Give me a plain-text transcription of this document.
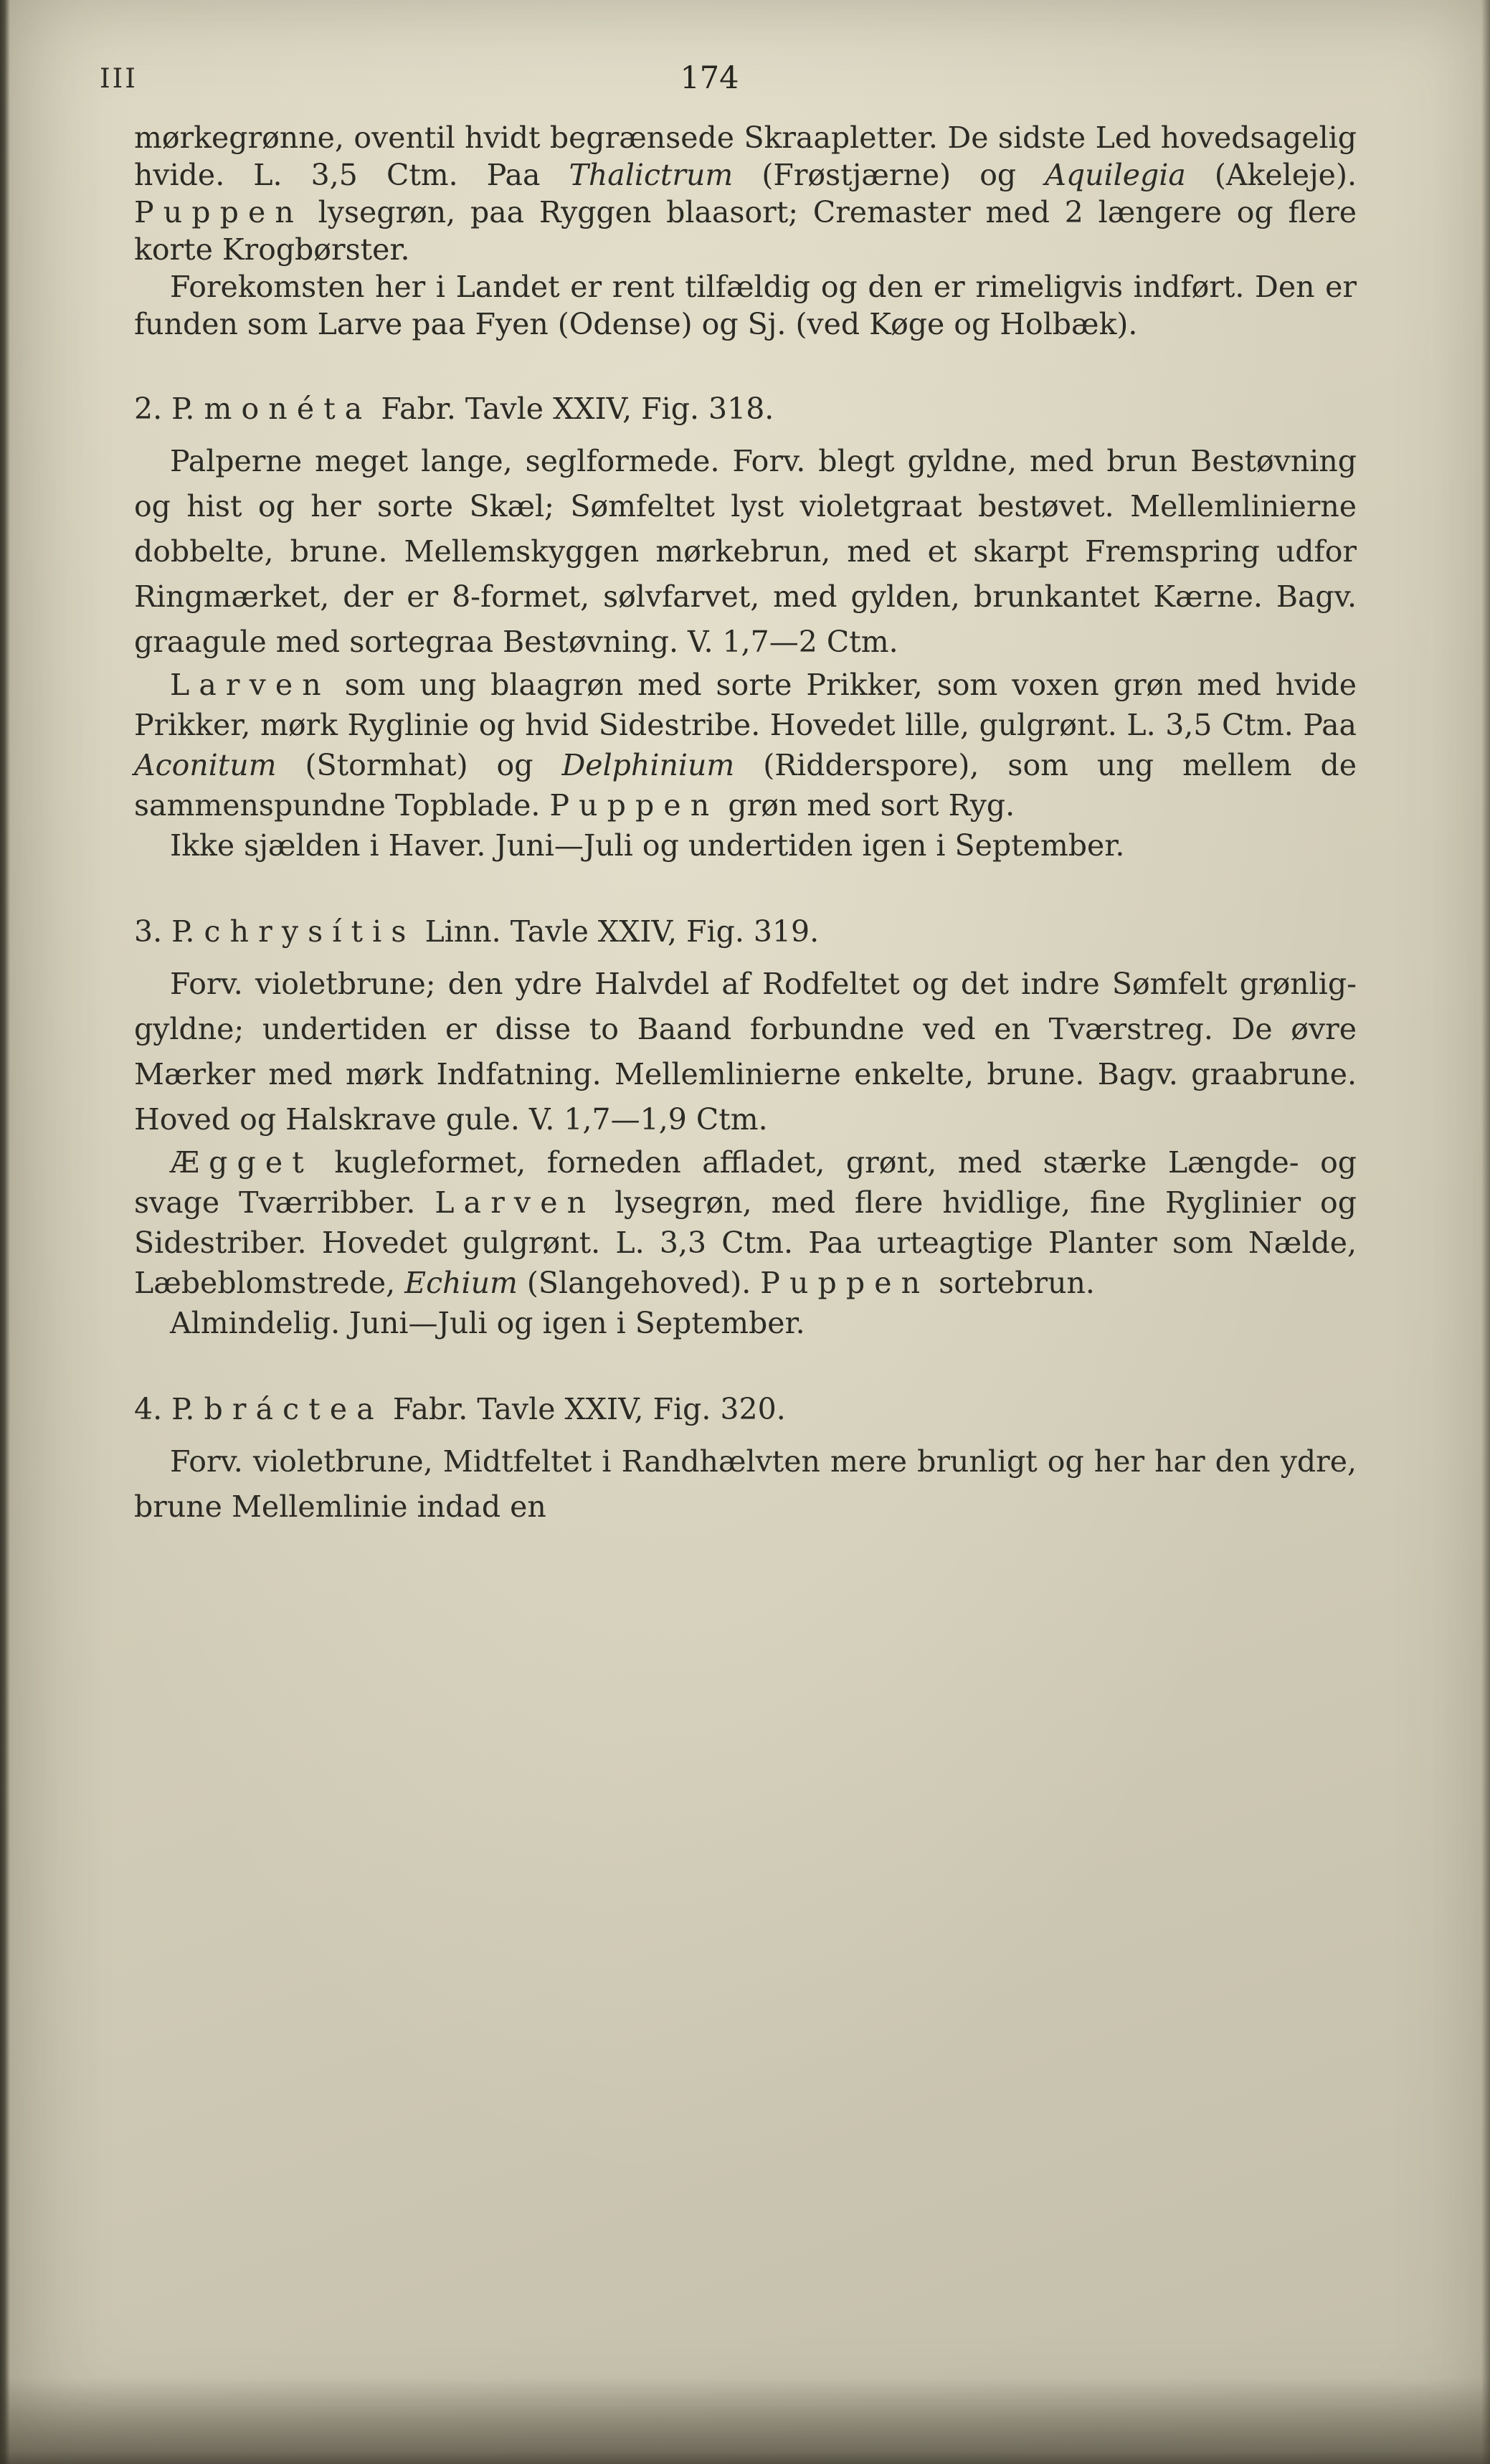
III	174
mørkegrønne, oventil hvidt begrænsede Skraapletter. De sidste Led hovedsagelig hvide. L. 3,5 Ctm. Paa Thalictrum (Frøstjærne) og Aquilegia (Akeleje). Puppen lysegrøn, paa Ryggen blaasort; Cremaster med 2 længere og flere korte Krogbørster.
Forekomsten her i Landet er rent tilfældig og den er rimeligvis indført. Den er funden som Larve paa Fyen (Odense) og Sj. (ved Køge og Holbæk).
2. P. monéta Fabr. Tavle XXIV, Fig. 318.
Palperne meget lange, seglformede. Forv. blegt gyldne, med brun Bestøvning og hist og her sorte Skæl; Sømfeltet lyst violetgraat bestøvet. Mellemlinierne dobbelte, brune. Mellemskyggen mørkebrun, med et skarpt Fremspring udfor Ringmærket, der er 8-formet, sølvfarvet, med gylden, brunkantet Kærne. Bagv. graagule med sortegraa Bestøvning. V. 1,7—2 Ctm.
Larven som ung blaagrøn med sorte Prikker, som voxen grøn med hvide Prikker, mørk Ryglinie og hvid Sidestribe. Hovedet lille, gulgrønt. L. 3,5 Ctm. Paa Aconitum (Stormhat) og Delphinium (Ridderspore), som ung mellem de sammenspundne Topblade. Puppen grøn med sort Ryg.
Ikke sjælden i Haver. Juni—Juli og undertiden igen i September.
3. P. chrysítis Linn. Tavle XXIV, Fig. 319.
Forv. violetbrune; den ydre Halvdel af Rodfeltet og det indre Sømfelt grønlig-gyldne; undertiden er disse to Baand forbundne ved en Tværstreg. De øvre Mærker med mørk Indfatning. Mellemlinierne enkelte, brune. Bagv. graabrune. Hoved og Halskrave gule. V. 1,7—1,9 Ctm.
Ægget kugleformet, forneden affladet, grønt, med stærke Længde- og svage Tværribber. Larven lysegrøn, med flere hvidlige, fine Ryglinier og Sidestriber. Hovedet gulgrønt. L. 3,3 Ctm. Paa urteagtige Planter som Nælde, Læbeblomstrede, Echium (Slangehoved). Puppen sortebrun.
Almindelig. Juni—Juli og igen i September.
4. P. bráctea Fabr. Tavle XXIV, Fig. 320.
Forv. violetbrune, Midtfeltet i Randhælvten mere brunligt og her har den ydre, brune Mellemlinie indad en
